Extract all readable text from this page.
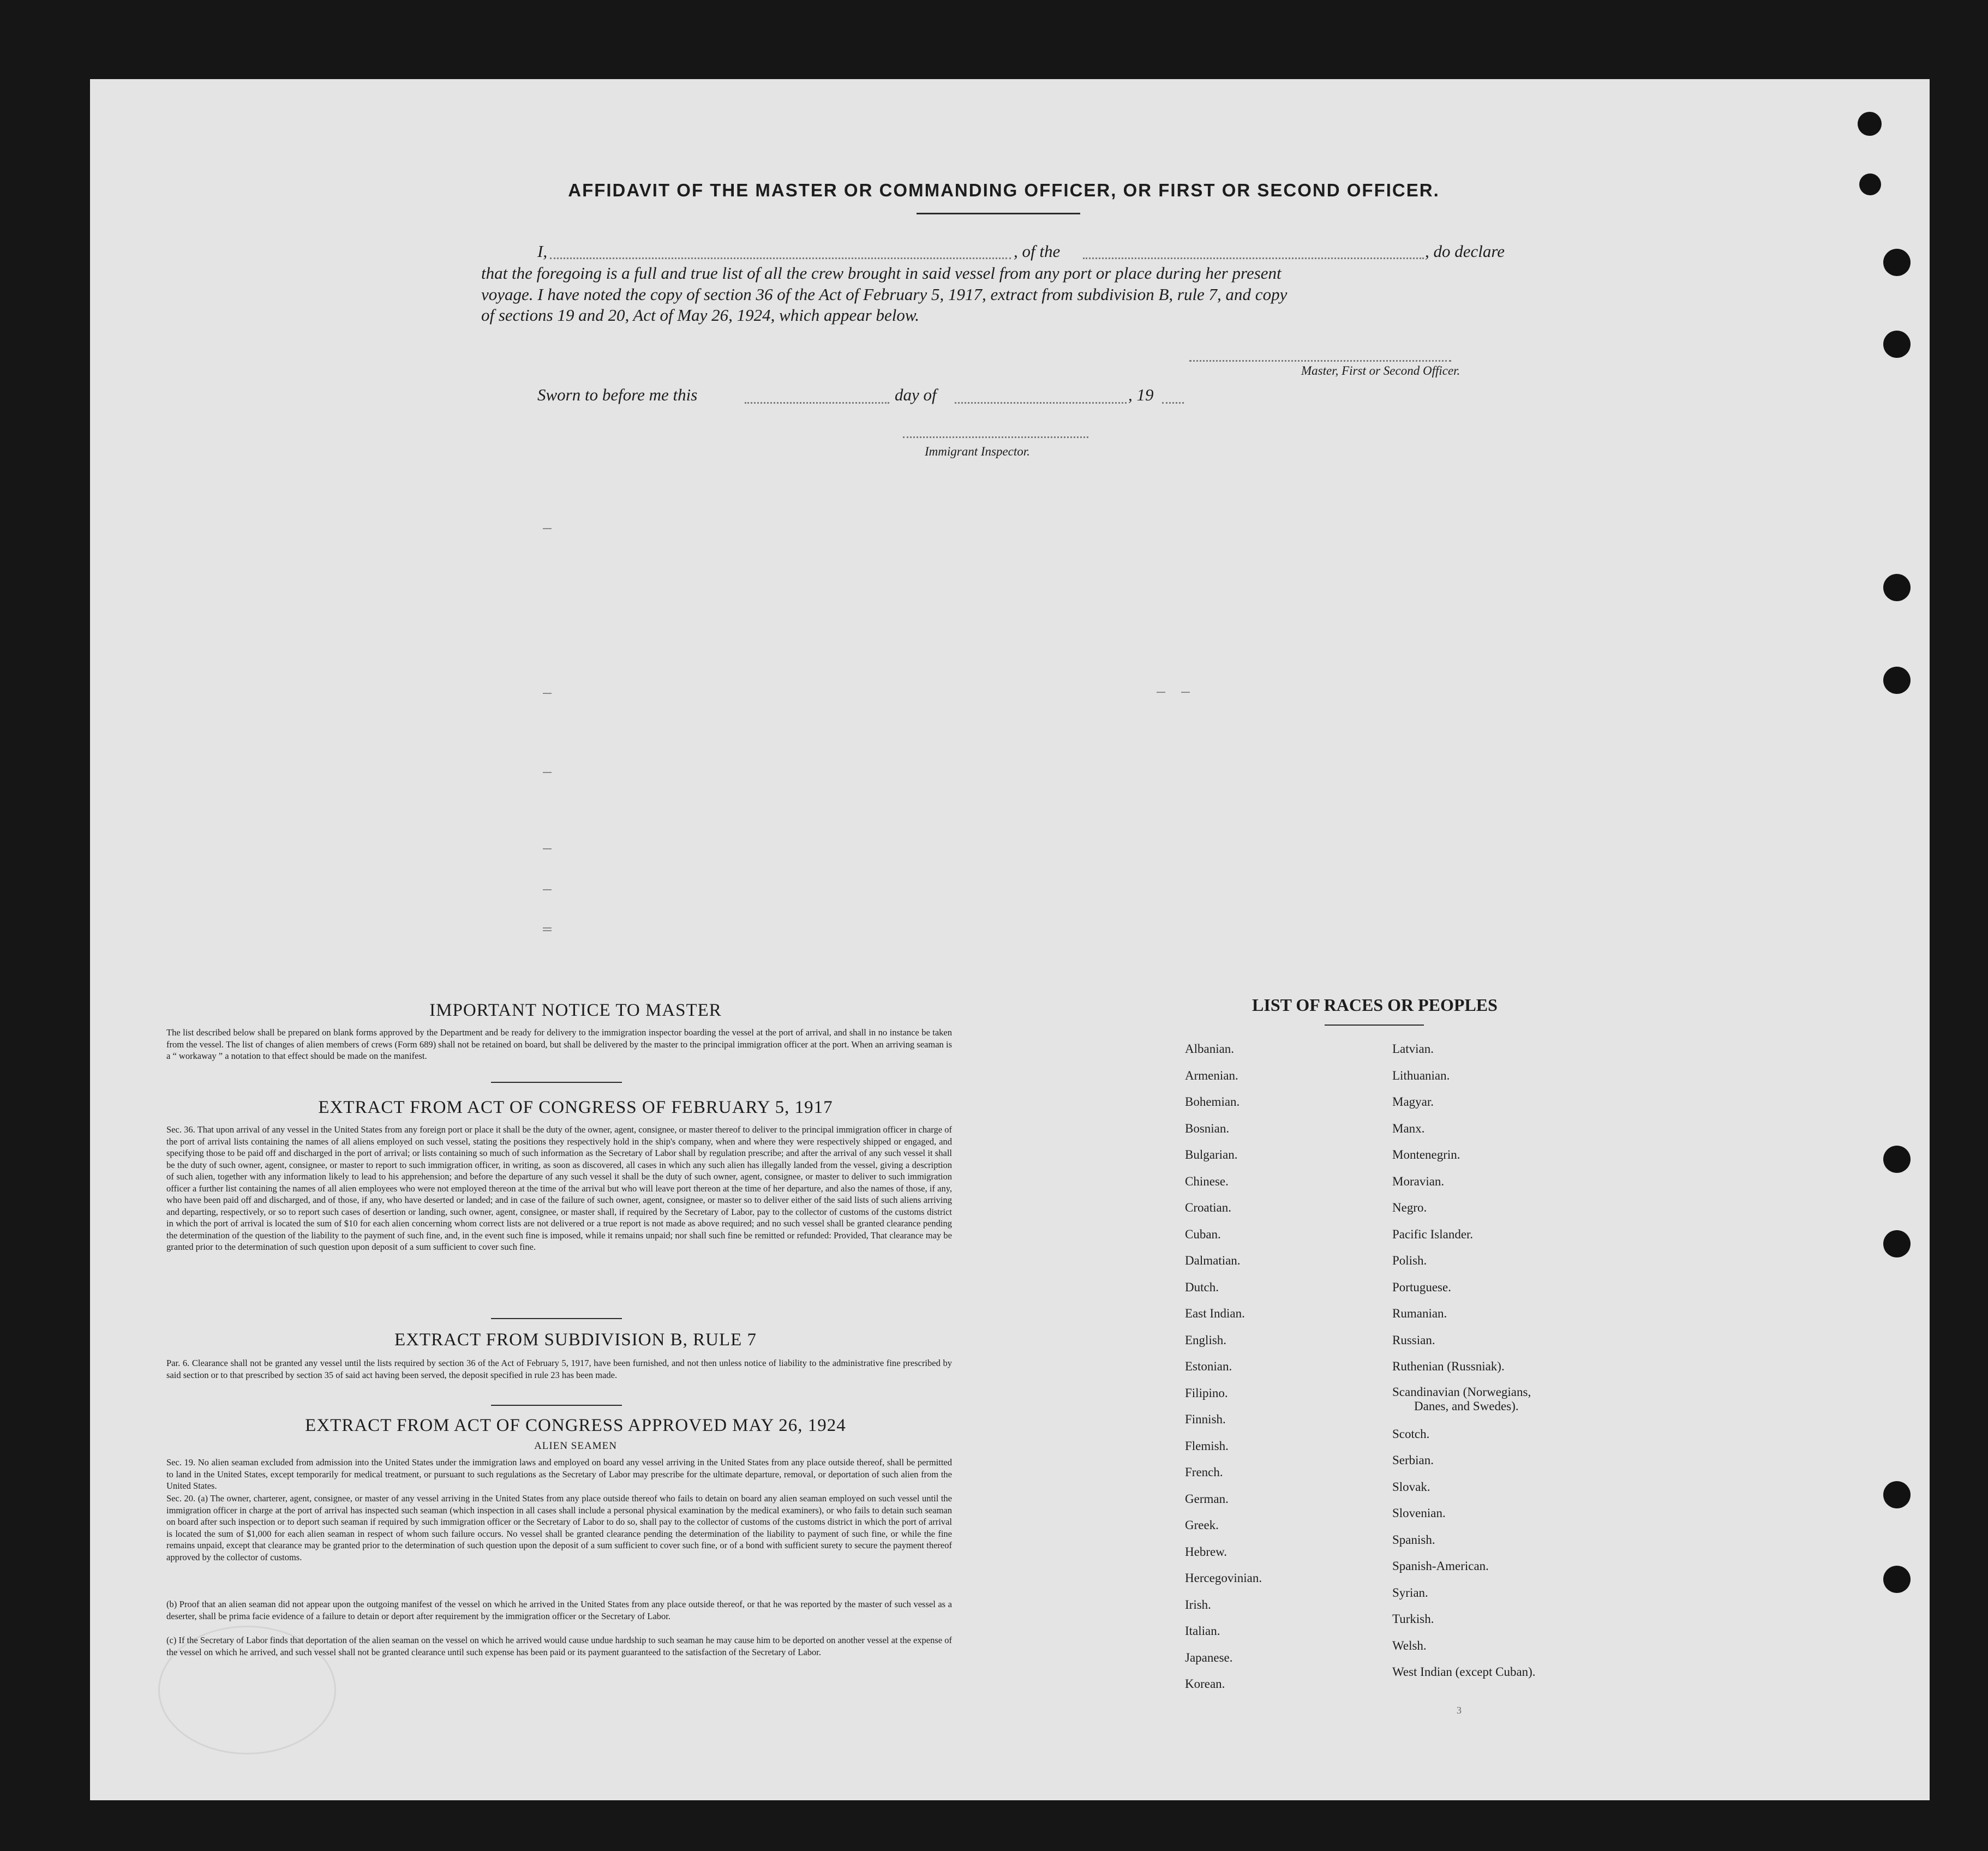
AFFIDAVIT OF THE MASTER OR COMMANDING OFFICER, OR FIRST OR SECOND OFFICER.
I,	, of the	, do declare
that the foregoing is a full and true list of all the crew brought in said vessel from any port or place during her present
voyage. I have noted the copy of section 36 of the Act of February 5, 1917, extract from subdivision B, rule 7, and copy
of sections 19 and 20, Act of May 26, 1924, which appear below.
Master, First or Second Officer.
Sworn to before me this	day of	, 19
Immigrant Inspector.
IMPORTANT NOTICE TO MASTER
The list described below shall be prepared on blank forms approved by the Department and be ready for delivery to the immigration inspector boarding the vessel at the port of arrival, and shall in no instance be taken from the vessel. The list of changes of alien members of crews (Form 689) shall not be retained on board, but shall be delivered by the master to the principal immigration officer at the port. When an arriving seaman is a “ workaway ” a notation to that effect should be made on the manifest.
EXTRACT FROM ACT OF CONGRESS OF FEBRUARY 5, 1917
Sec. 36. That upon arrival of any vessel in the United States from any foreign port or place it shall be the duty of the owner, agent, consignee, or master thereof to deliver to the principal immigration officer in charge of the port of arrival lists containing the names of all aliens employed on such vessel, stating the positions they respectively hold in the ship's company, when and where they were respectively shipped or engaged, and specifying those to be paid off and discharged in the port of arrival; or lists containing so much of such information as the Secretary of Labor shall by regulation prescribe; and after the arrival of any such vessel it shall be the duty of such owner, agent, consignee, or master to report to such immigration officer, in writing, as soon as discovered, all cases in which any such alien has illegally landed from the vessel, giving a description of such alien, together with any information likely to lead to his apprehension; and before the departure of any such vessel it shall be the duty of such owner, agent, consignee, or master to deliver to such immigration officer a further list containing the names of all alien employees who were not employed thereon at the time of the arrival but who will leave port thereon at the time of her departure, and also the names of those, if any, who have been paid off and discharged, and of those, if any, who have deserted or landed; and in case of the failure of such owner, agent, consignee, or master so to deliver either of the said lists of such aliens arriving and departing, respectively, or so to report such cases of desertion or landing, such owner, agent, consignee, or master shall, if required by the Secretary of Labor, pay to the collector of customs of the customs district in which the port of arrival is located the sum of $10 for each alien concerning whom correct lists are not delivered or a true report is not made as above required; and no such vessel shall be granted clearance pending the determination of the question of the liability to the payment of such fine, and, in the event such fine is imposed, while it remains unpaid; nor shall such fine be remitted or refunded: Provided, That clearance may be granted prior to the determination of such question upon deposit of a sum sufficient to cover such fine.
EXTRACT FROM SUBDIVISION B, RULE 7
Par. 6. Clearance shall not be granted any vessel until the lists required by section 36 of the Act of February 5, 1917, have been furnished, and not then unless notice of liability to the administrative fine prescribed by said section or to that prescribed by section 35 of said act having been served, the deposit specified in rule 23 has been made.
EXTRACT FROM ACT OF CONGRESS APPROVED MAY 26, 1924
ALIEN SEAMEN
Sec. 19. No alien seaman excluded from admission into the United States under the immigration laws and employed on board any vessel arriving in the United States from any place outside thereof, shall be permitted to land in the United States, except temporarily for medical treatment, or pursuant to such regulations as the Secretary of Labor may prescribe for the ultimate departure, removal, or deportation of such alien from the United States.
Sec. 20. (a) The owner, charterer, agent, consignee, or master of any vessel arriving in the United States from any place outside thereof who fails to detain on board any alien seaman employed on such vessel until the immigration officer in charge at the port of arrival has inspected such seaman (which inspection in all cases shall include a personal physical examination by the medical examiners), or who fails to detain such seaman on board after such inspection or to deport such seaman if required by such immigration officer or the Secretary of Labor to do so, shall pay to the collector of customs of the customs district in which the port of arrival is located the sum of $1,000 for each alien seaman in respect of whom such failure occurs. No vessel shall be granted clearance pending the determination of the liability to payment of such fine, or while the fine remains unpaid, except that clearance may be granted prior to the determination of such question upon the deposit of a sum sufficient to cover such fine, or of a bond with sufficient surety to secure the payment thereof approved by the collector of customs.
(b) Proof that an alien seaman did not appear upon the outgoing manifest of the vessel on which he arrived in the United States from any place outside thereof, or that he was reported by the master of such vessel as a deserter, shall be prima facie evidence of a failure to detain or deport after requirement by the immigration officer or the Secretary of Labor.
(c) If the Secretary of Labor finds that deportation of the alien seaman on the vessel on which he arrived would cause undue hardship to such seaman he may cause him to be deported on another vessel at the expense of the vessel on which he arrived, and such vessel shall not be granted clearance until such expense has been paid or its payment guaranteed to the satisfaction of the Secretary of Labor.
LIST OF RACES OR PEOPLES
Albanian.
Armenian.
Bohemian.
Bosnian.
Bulgarian.
Chinese.
Croatian.
Cuban.
Dalmatian.
Dutch.
East Indian.
English.
Estonian.
Filipino.
Finnish.
Flemish.
French.
German.
Greek.
Hebrew.
Hercegovinian.
Irish.
Italian.
Japanese.
Korean.
Latvian.
Lithuanian.
Magyar.
Manx.
Montenegrin.
Moravian.
Negro.
Pacific Islander.
Polish.
Portuguese.
Rumanian.
Russian.
Ruthenian (Russniak).
Scandinavian (Norwegians,
Danes, and Swedes).
Scotch.
Serbian.
Slovak.
Slovenian.
Spanish.
Spanish-American.
Syrian.
Turkish.
Welsh.
West Indian (except Cuban).
3
